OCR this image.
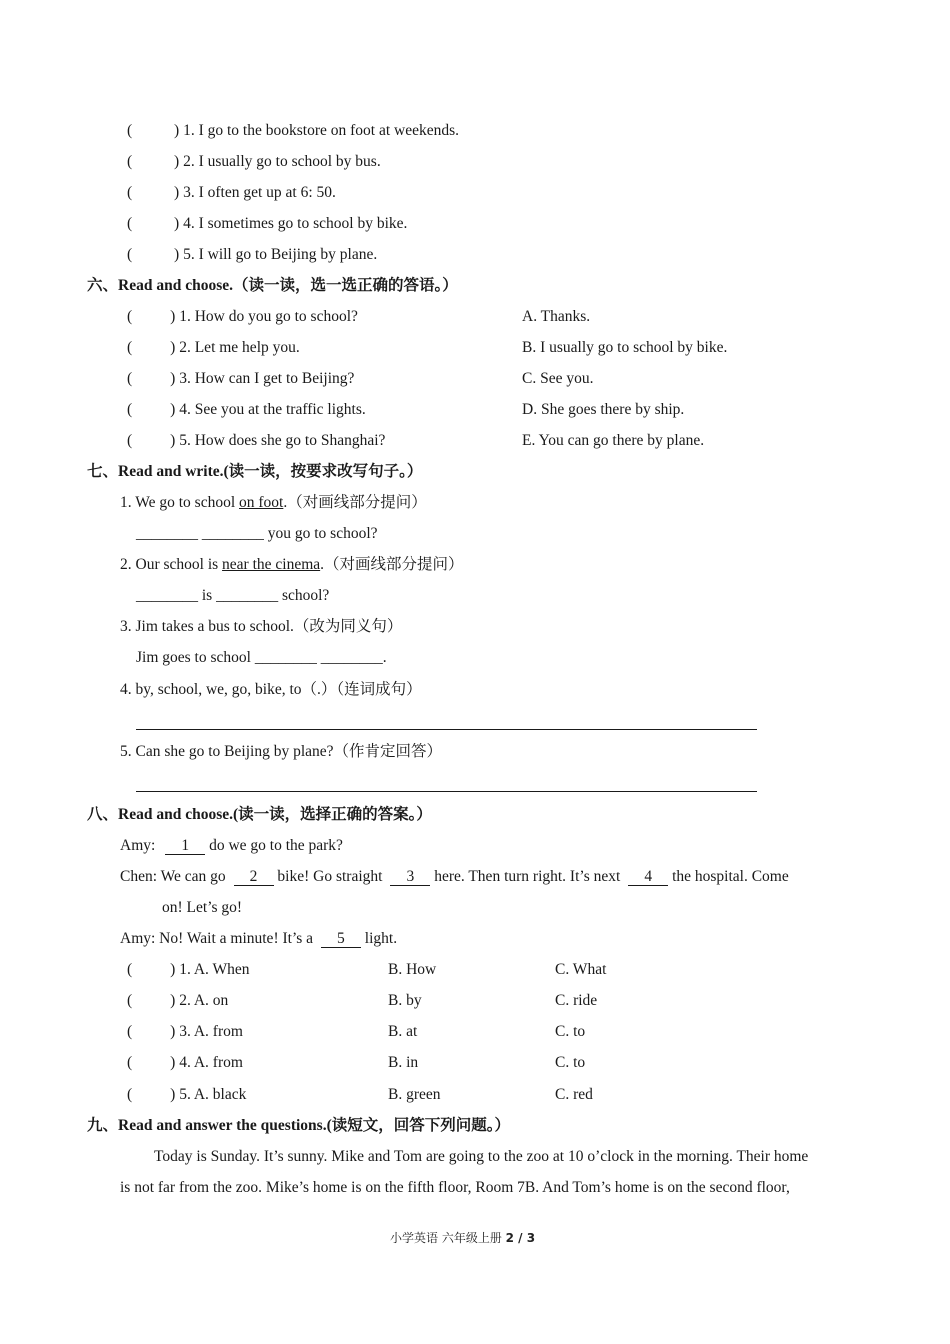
(	) 1. I go to the bookstore on foot at weekends.
(	) 2. I usually go to school by bus.
(	) 3. I often get up at 6: 50.
(	) 4. I sometimes go to school by bike.
(	) 5. I will go to Beijing by plane.
六、Read and choose.（读一读，选一选正确的答语。）
( ) 1. How do you go to school?	A. Thanks.
( ) 2. Let me help you.	B. I usually go to school by bike.
( ) 3. How can I get to Beijing?	C. See you.
( ) 4. See you at the traffic lights.	D. She goes there by ship.
( ) 5. How does she go to Shanghai?	E. You can go there by plane.
七、Read and write.(读一读，按要求改写句子。）
1. We go to school on foot.（对画线部分提问）
________ ________ you go to school?
2. Our school is near the cinema.（对画线部分提问）
________ is ________ school?
3. Jim takes a bus to school.（改为同义句）
Jim goes to school ________ ________.
4. by, school, we, go, bike, to（.）（连词成句）
5. Can she go to Beijing by plane?（作肯定回答）
八、Read and choose.(读一读，选择正确的答案。）
Amy: 1 do we go to the park?
Chen: We can go 2 bike! Go straight 3 here. Then turn right. It’s next 4 the hospital. Come
on! Let’s go!
Amy: No! Wait a minute! It’s a 5 light.
( ) 1. A. When	B. How	C. What
( ) 2. A. on	B. by	C. ride
( ) 3. A. from	B. at	C. to
( ) 4. A. from	B. in	C. to
( ) 5. A. black	B. green	C. red
九、Read and answer the questions.(读短文，回答下列问题。）
Today is Sunday. It’s sunny. Mike and Tom are going to the zoo at 10 o’clock in the morning. Their home
is not far from the zoo. Mike’s home is on the fifth floor, Room 7B. And Tom’s home is on the second floor,
小学英语 六年级上册 2 / 3
